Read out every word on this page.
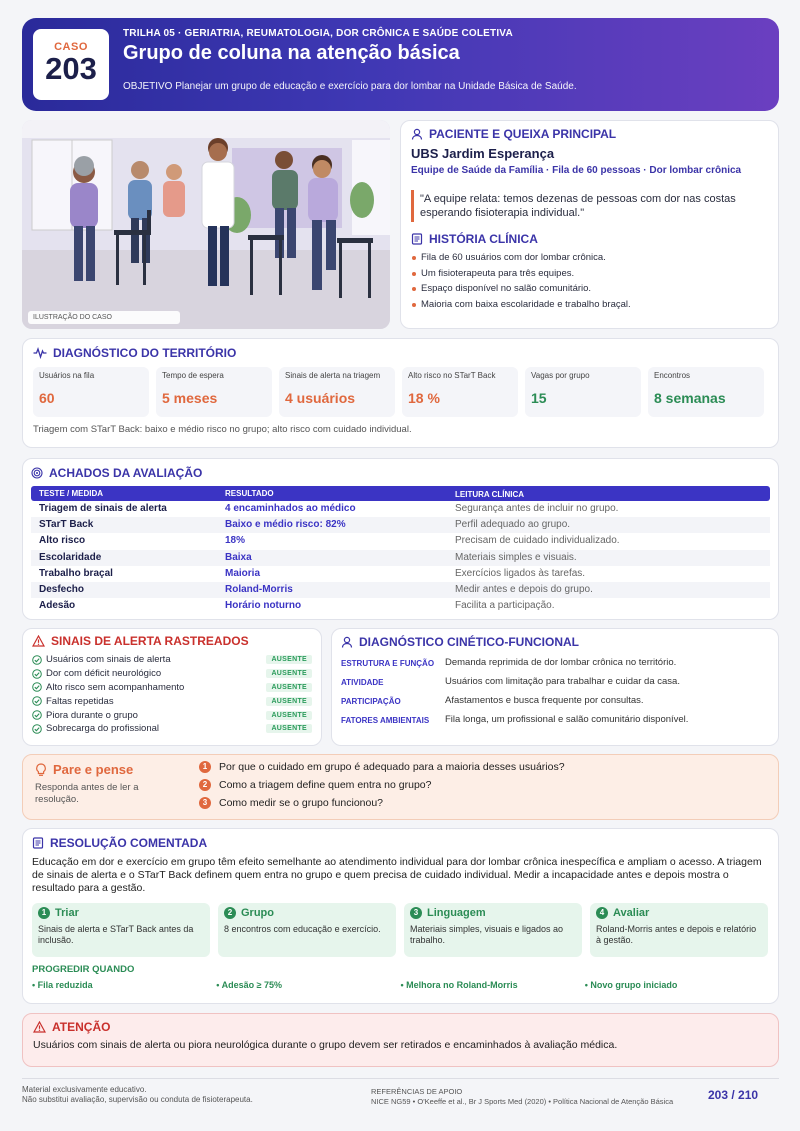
CASO
203
TRILHA 05 · GERIATRIA, REUMATOLOGIA, DOR CRÔNICA E SAÚDE COLETIVA
Grupo de coluna na atenção básica
OBJETIVO Planejar um grupo de educação e exercício para dor lombar na Unidade Básica de Saúde.
ILUSTRAÇÃO DO CASO
PACIENTE E QUEIXA PRINCIPAL
UBS Jardim Esperança
Equipe de Saúde da Família · Fila de 60 pessoas · Dor lombar crônica
"A equipe relata: temos dezenas de pessoas com dor nas costas esperando fisioterapia individual."
HISTÓRIA CLÍNICA
Fila de 60 usuários com dor lombar crônica.
Um fisioterapeuta para três equipes.
Espaço disponível no salão comunitário.
Maioria com baixa escolaridade e trabalho braçal.
DIAGNÓSTICO DO TERRITÓRIO
Usuários na fila
60
Tempo de espera
5 meses
Sinais de alerta na triagem
4 usuários
Alto risco no STarT Back
18 %
Vagas por grupo
15
Encontros
8 semanas
Triagem com STarT Back: baixo e médio risco no grupo; alto risco com cuidado individual.
ACHADOS DA AVALIAÇÃO
TESTE / MEDIDA	RESULTADO	LEITURA CLÍNICA
Triagem de sinais de alerta	4 encaminhados ao médico	Segurança antes de incluir no grupo.
STarT Back	Baixo e médio risco: 82%	Perfil adequado ao grupo.
Alto risco	18%	Precisam de cuidado individualizado.
Escolaridade	Baixa	Materiais simples e visuais.
Trabalho braçal	Maioria	Exercícios ligados às tarefas.
Desfecho	Roland-Morris	Medir antes e depois do grupo.
Adesão	Horário noturno	Facilita a participação.
SINAIS DE ALERTA RASTREADOS
Usuários com sinais de alerta	AUSENTE
Dor com déficit neurológico	AUSENTE
Alto risco sem acompanhamento	AUSENTE
Faltas repetidas	AUSENTE
Piora durante o grupo	AUSENTE
Sobrecarga do profissional	AUSENTE
DIAGNÓSTICO CINÉTICO-FUNCIONAL
ESTRUTURA E FUNÇÃO	Demanda reprimida de dor lombar crônica no território.
ATIVIDADE	Usuários com limitação para trabalhar e cuidar da casa.
PARTICIPAÇÃO	Afastamentos e busca frequente por consultas.
FATORES AMBIENTAIS	Fila longa, um profissional e salão comunitário disponível.
Pare e pense
Responda antes de ler a resolução.
1	Por que o cuidado em grupo é adequado para a maioria desses usuários?
2	Como a triagem define quem entra no grupo?
3	Como medir se o grupo funcionou?
RESOLUÇÃO COMENTADA
Educação em dor e exercício em grupo têm efeito semelhante ao atendimento individual para dor lombar crônica inespecífica e ampliam o acesso. A triagem de sinais de alerta e o STarT Back definem quem entra no grupo e quem precisa de cuidado individual. Medir a incapacidade antes e depois mostra o resultado para a gestão.
1 Triar
Sinais de alerta e STarT Back antes da inclusão.
2 Grupo
8 encontros com educação e exercício.
3 Linguagem
Materiais simples, visuais e ligados ao trabalho.
4 Avaliar
Roland-Morris antes e depois e relatório à gestão.
PROGREDIR QUANDO
• Fila reduzida	• Adesão ≥ 75%	• Melhora no Roland-Morris	• Novo grupo iniciado
ATENÇÃO
Usuários com sinais de alerta ou piora neurológica durante o grupo devem ser retirados e encaminhados à avaliação médica.
Material exclusivamente educativo.
Não substitui avaliação, supervisão ou conduta de fisioterapeuta.
REFERÊNCIAS DE APOIO
NICE NG59 • O'Keeffe et al., Br J Sports Med (2020) • Política Nacional de Atenção Básica	203 / 210
